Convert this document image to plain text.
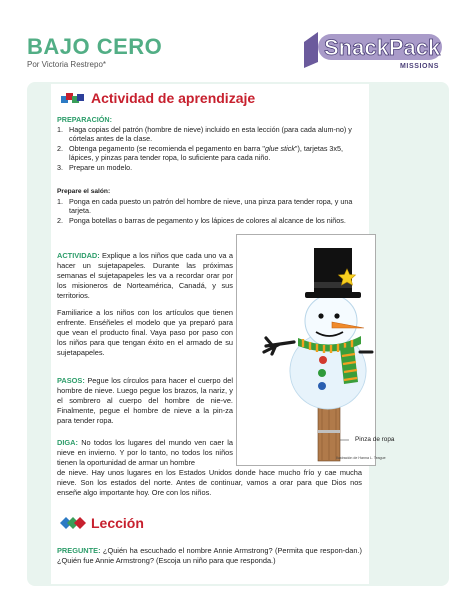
BAJO CERO
Por Victoria Restrepo*
SnackPack
MISSIONS
Actividad de aprendizaje
PREPARACIÓN:
1. Haga copias del patrón (hombre de nieve) incluido en esta lección (para cada alum-no) y córtelas antes de la clase.
2. Obtenga pegamento (se recomienda el pegamento en barra "glue stick"), tarjetas 3x5, lápices, y pinzas para tender ropa, lo suficiente para cada niño.
3. Prepare un modelo.
Prepare el salón:
1. Ponga en cada puesto un patrón del hombre de nieve, una pinza para tender ropa, y una tarjeta.
2. Ponga botellas o barras de pegamento y los lápices de colores al alcance de los niños.

ACTIVIDAD: Explique a los niños que cada uno va a hacer un sujetapapeles. Durante las próximas semanas el sujetapapeles les va a recordar orar por los misioneros de Norteamérica, Canadá, y sus territorios.

Familiarice a los niños con los artículos que tienen enfrente. Enséñeles el modelo que ya preparó para que vean el producto final. Vaya paso por paso con los niños para que tengan éxito en el armado de su sujetapapeles.

PASOS: Pegue los círculos para hacer el cuerpo del hombre de nieve. Luego pegue los brazos, la nariz, y el sombrero al cuerpo del hombre de nie-ve. Finalmente, pegue el hombre de nieve a la pin-za para tender ropa.

DIGA: No todos los lugares del mundo ven caer la nieve en invierno. Y por lo tanto, no todos los niños tienen la oportunidad de armar un hombre

de nieve. Hay unos lugares en los Estados Unidos donde hace mucho frío y cae mucha nieve. Son los estados del norte. Antes de continuar, vamos a orar para que Dios nos enseñe algo importante hoy. Ore con los niños.

Pinza de ropa
Ilustración de Hanna L. Teague
Lección

PREGUNTE: ¿Quién ha escuchado el nombre Annie Armstrong? (Permita que respon-dan.) ¿Quién fue Annie Armstrong? (Escoja un niño para que responda.)
